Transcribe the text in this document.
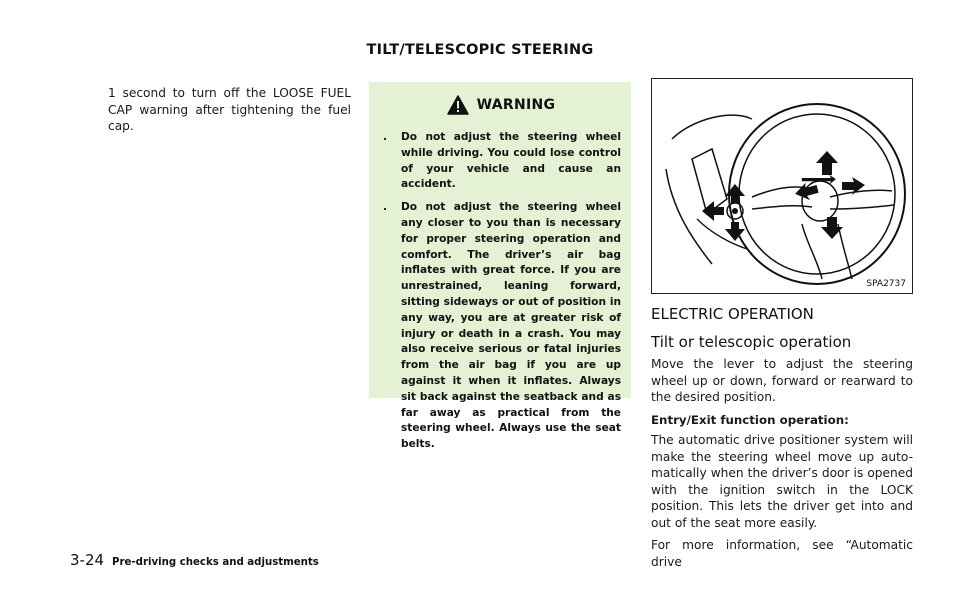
TILT/TELESCOPIC STEERING
1 second to turn off the LOOSE FUEL CAP warning after tightening the fuel cap.
WARNING
. Do not adjust the steering wheel while driving. You could lose control of your vehicle and cause an accident.
. Do not adjust the steering wheel any closer to you than is necessary for proper steering operation and comfort. The driver’s air bag inflates with great force. If you are unrestrained, leaning forward, sitting sideways or out of position in any way, you are at greater risk of injury or death in a crash. You may also receive serious or fatal injuries from the air bag if you are up against it when it inflates. Always sit back against the seatback and as far away as practical from the steering wheel. Always use the seat belts.
SPA2737
ELECTRIC OPERATION
Tilt or telescopic operation

Move the lever to adjust the steering wheel up or down, forward or rearward to the desired position.

Entry/Exit function operation:

The automatic drive positioner system will make the steering wheel move up auto-matically when the driver’s door is opened with the ignition switch in the LOCK position. This lets the driver get into and out of the seat more easily.

For more information, see “Automatic drive

3-24 Pre-driving checks and adjustments
